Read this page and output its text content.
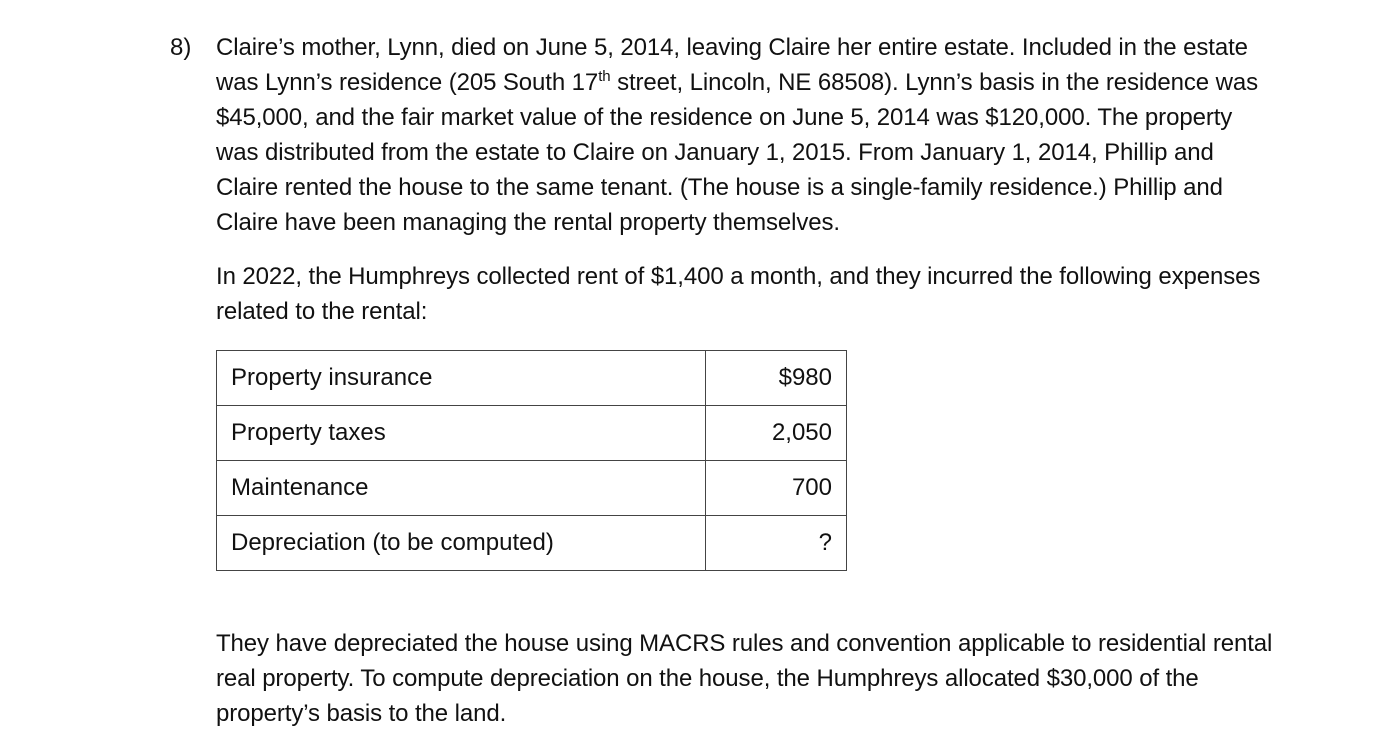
8) Claire’s mother, Lynn, died on June 5, 2014, leaving Claire her entire estate. Included in the estate was Lynn’s residence (205 South 17th street, Lincoln, NE 68508). Lynn’s basis in the residence was $45,000, and the fair market value of the residence on June 5, 2014 was $120,000. The property was distributed from the estate to Claire on January 1, 2015. From January 1, 2014, Phillip and Claire rented the house to the same tenant. (The house is a single-family residence.) Phillip and Claire have been managing the rental property themselves.

In 2022, the Humphreys collected rent of $1,400 a month, and they incurred the following expenses related to the rental:

Property insurance	$980
Property taxes	2,050
Maintenance	700
Depreciation (to be computed)	?

They have depreciated the house using MACRS rules and convention applicable to residential rental real property. To compute depreciation on the house, the Humphreys allocated $30,000 of the property’s basis to the land.
